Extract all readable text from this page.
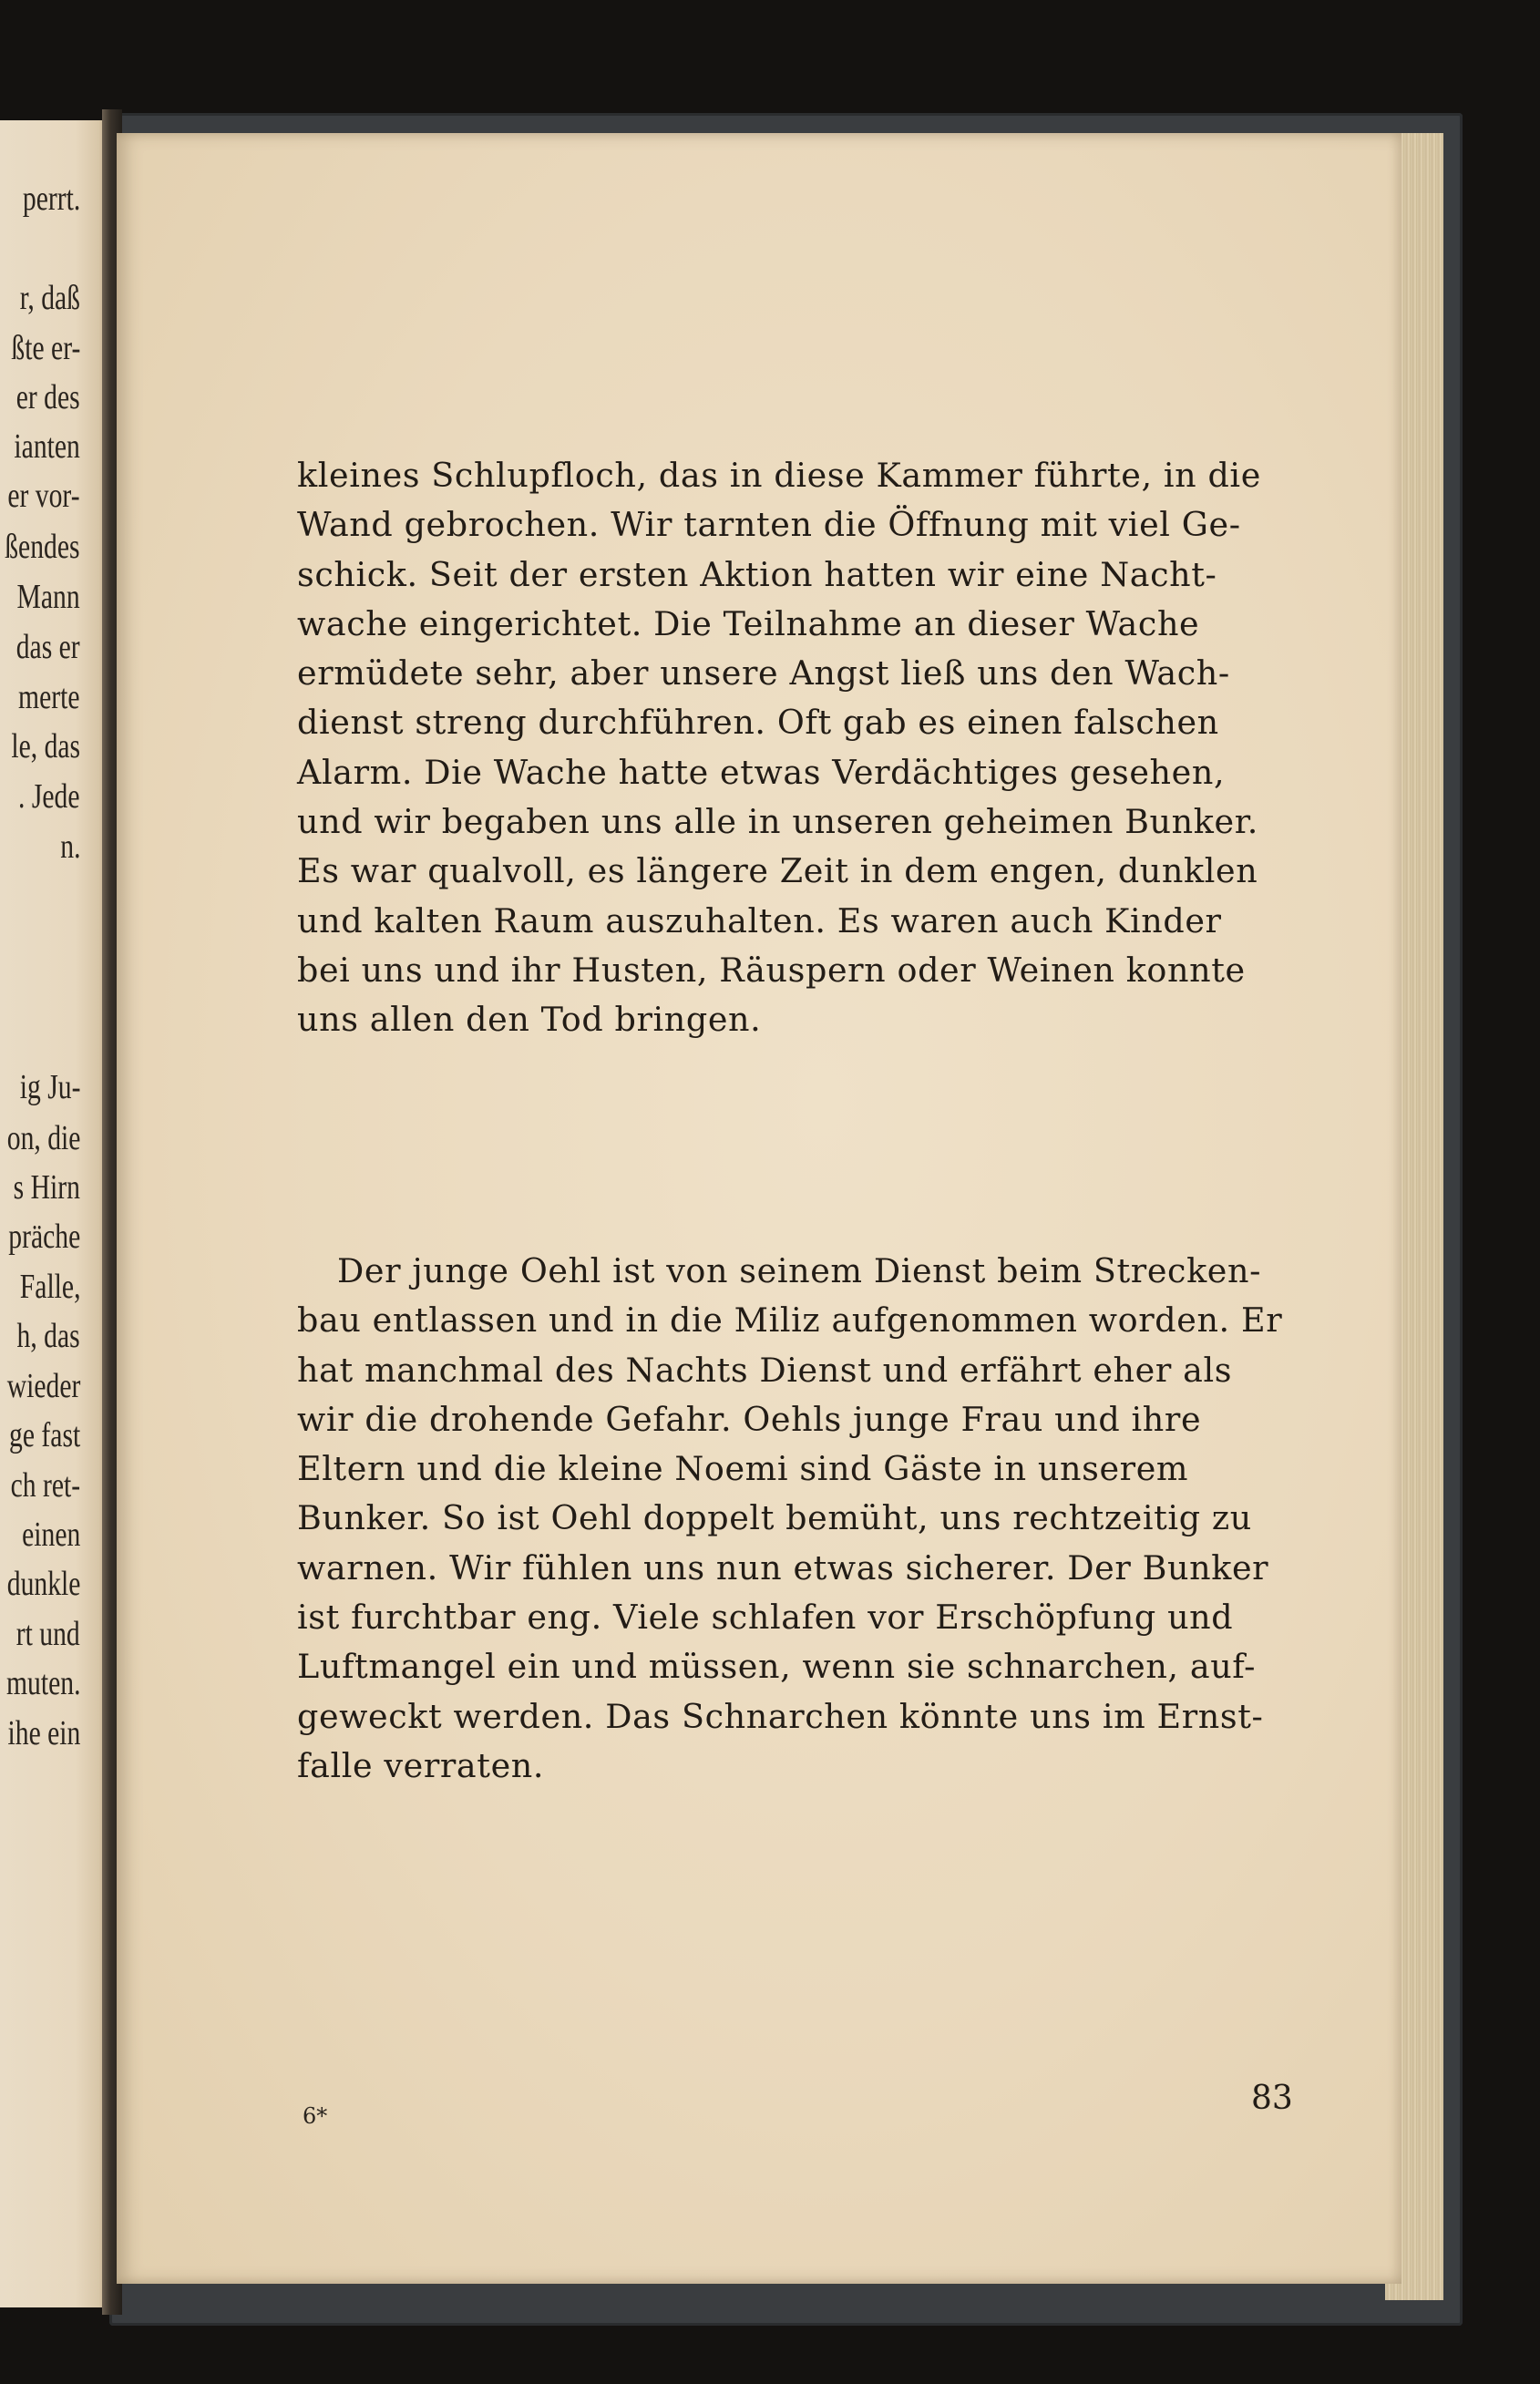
perrt.
r, daß
ßte er-
er des
ianten
er vor-
ßendes
Mann
das er
merte
le, das
. Jede
n.
ig Ju-
on, die
s Hirn
präche
Falle,
h, das
wieder
ge fast
ch ret-
einen
dunkle
rt und
muten.
ihe ein

kleines Schlupfloch, das in diese Kammer führte, in die
Wand gebrochen. Wir tarnten die Öffnung mit viel Ge-
schick. Seit der ersten Aktion hatten wir eine Nacht-
wache eingerichtet. Die Teilnahme an dieser Wache
ermüdete sehr, aber unsere Angst ließ uns den Wach-
dienst streng durchführen. Oft gab es einen falschen
Alarm. Die Wache hatte etwas Verdächtiges gesehen,
und wir begaben uns alle in unseren geheimen Bunker.
Es war qualvoll, es längere Zeit in dem engen, dunklen
und kalten Raum auszuhalten. Es waren auch Kinder
bei uns und ihr Husten, Räuspern oder Weinen konnte
uns allen den Tod bringen.

Der junge Oehl ist von seinem Dienst beim Strecken-
bau entlassen und in die Miliz aufgenommen worden. Er
hat manchmal des Nachts Dienst und erfährt eher als
wir die drohende Gefahr. Oehls junge Frau und ihre
Eltern und die kleine Noemi sind Gäste in unserem
Bunker. So ist Oehl doppelt bemüht, uns rechtzeitig zu
warnen. Wir fühlen uns nun etwas sicherer. Der Bunker
ist furchtbar eng. Viele schlafen vor Erschöpfung und
Luftmangel ein und müssen, wenn sie schnarchen, auf-
geweckt werden. Das Schnarchen könnte uns im Ernst-
falle verraten.

6*	83
